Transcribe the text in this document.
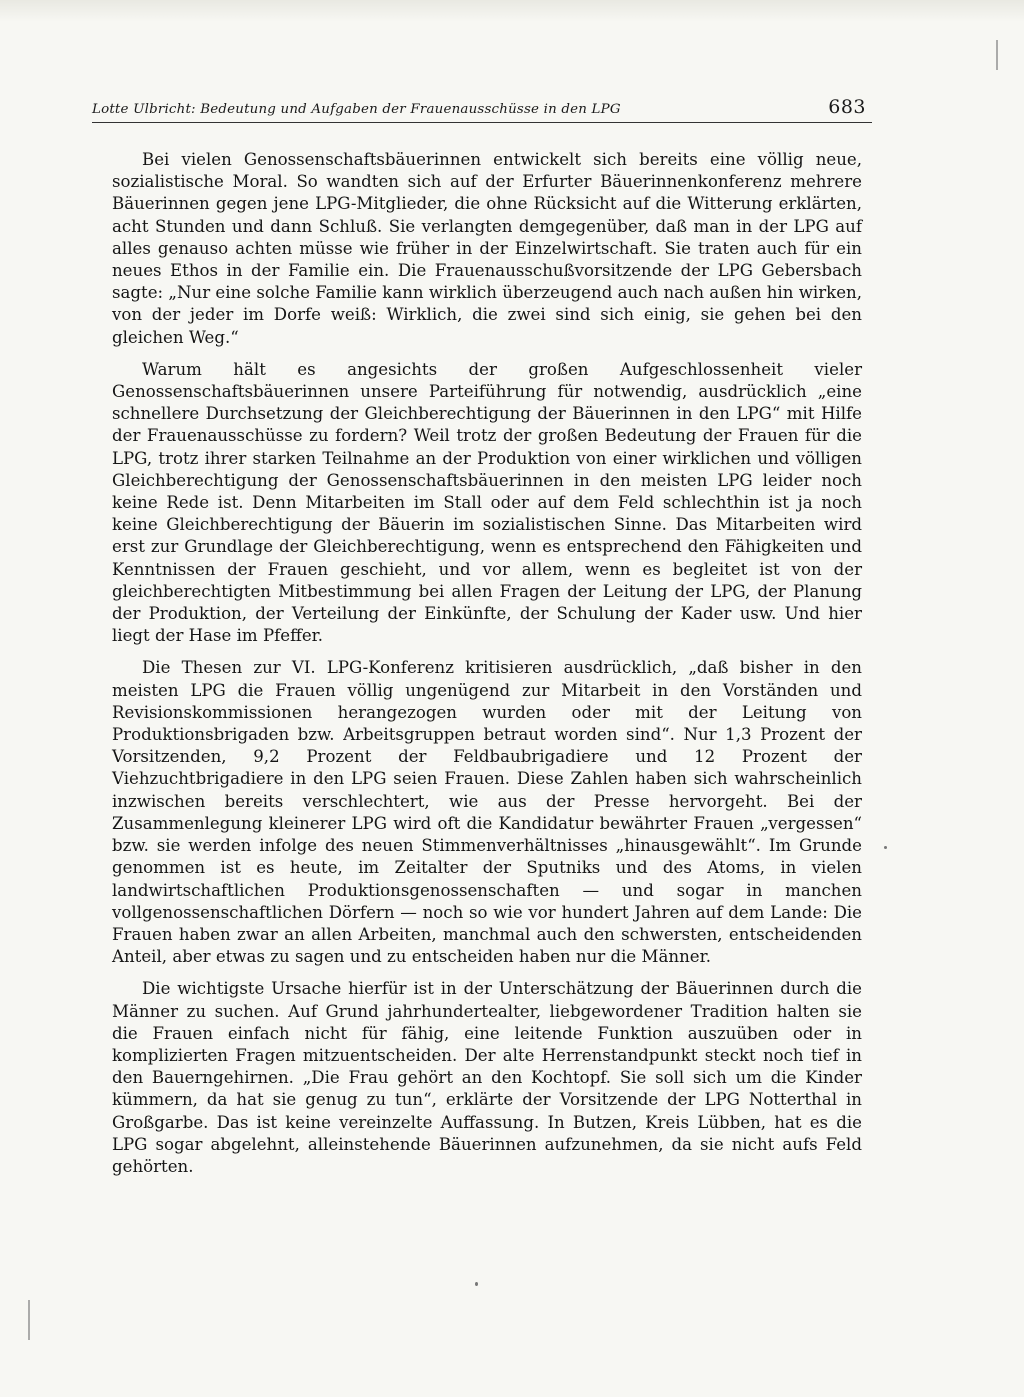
Lotte Ulbricht: Bedeutung und Aufgaben der Frauenausschüsse in den LPG	683

Bei vielen Genossenschaftsbäuerinnen entwickelt sich bereits eine völlig neue, sozialistische Moral. So wandten sich auf der Erfurter Bäuerinnenkonferenz mehrere Bäuerinnen gegen jene LPG-Mitglieder, die ohne Rücksicht auf die Witterung erklärten, acht Stunden und dann Schluß. Sie verlangten demgegenüber, daß man in der LPG auf alles genauso achten müsse wie früher in der Einzelwirtschaft. Sie traten auch für ein neues Ethos in der Familie ein. Die Frauenausschußvorsitzende der LPG Gebersbach sagte: „Nur eine solche Familie kann wirklich überzeugend auch nach außen hin wirken, von der jeder im Dorfe weiß: Wirklich, die zwei sind sich einig, sie gehen bei den gleichen Weg.“

Warum hält es angesichts der großen Aufgeschlossenheit vieler Genossenschaftsbäuerinnen unsere Parteiführung für notwendig, ausdrücklich „eine schnellere Durchsetzung der Gleichberechtigung der Bäuerinnen in den LPG“ mit Hilfe der Frauenausschüsse zu fordern? Weil trotz der großen Bedeutung der Frauen für die LPG, trotz ihrer starken Teilnahme an der Produktion von einer wirklichen und völligen Gleichberechtigung der Genossenschaftsbäuerinnen in den meisten LPG leider noch keine Rede ist. Denn Mitarbeiten im Stall oder auf dem Feld schlechthin ist ja noch keine Gleichberechtigung der Bäuerin im sozialistischen Sinne. Das Mitarbeiten wird erst zur Grundlage der Gleichberechtigung, wenn es entsprechend den Fähigkeiten und Kenntnissen der Frauen geschieht, und vor allem, wenn es begleitet ist von der gleichberechtigten Mitbestimmung bei allen Fragen der Leitung der LPG, der Planung der Produktion, der Verteilung der Einkünfte, der Schulung der Kader usw. Und hier liegt der Hase im Pfeffer.

Die Thesen zur VI. LPG-Konferenz kritisieren ausdrücklich, „daß bisher in den meisten LPG die Frauen völlig ungenügend zur Mitarbeit in den Vorständen und Revisionskommissionen herangezogen wurden oder mit der Leitung von Produktionsbrigaden bzw. Arbeitsgruppen betraut worden sind“. Nur 1,3 Prozent der Vorsitzenden, 9,2 Prozent der Feldbaubrigadiere und 12 Prozent der Viehzuchtbrigadiere in den LPG seien Frauen. Diese Zahlen haben sich wahrscheinlich inzwischen bereits verschlechtert, wie aus der Presse hervorgeht. Bei der Zusammenlegung kleinerer LPG wird oft die Kandidatur bewährter Frauen „vergessen“ bzw. sie werden infolge des neuen Stimmenverhältnisses „hinausgewählt“. Im Grunde genommen ist es heute, im Zeitalter der Sputniks und des Atoms, in vielen landwirtschaftlichen Produktionsgenossenschaften — und sogar in manchen vollgenossenschaftlichen Dörfern — noch so wie vor hundert Jahren auf dem Lande: Die Frauen haben zwar an allen Arbeiten, manchmal auch den schwersten, entscheidenden Anteil, aber etwas zu sagen und zu entscheiden haben nur die Männer.

Die wichtigste Ursache hierfür ist in der Unterschätzung der Bäuerinnen durch die Männer zu suchen. Auf Grund jahrhundertealter, liebgewordener Tradition halten sie die Frauen einfach nicht für fähig, eine leitende Funktion auszuüben oder in komplizierten Fragen mitzuentscheiden. Der alte Herrenstandpunkt steckt noch tief in den Bauerngehirnen. „Die Frau gehört an den Kochtopf. Sie soll sich um die Kinder kümmern, da hat sie genug zu tun“, erklärte der Vorsitzende der LPG Notterthal in Großgarbe. Das ist keine vereinzelte Auffassung. In Butzen, Kreis Lübben, hat es die LPG sogar abgelehnt, alleinstehende Bäuerinnen aufzunehmen, da sie nicht aufs Feld gehörten.
